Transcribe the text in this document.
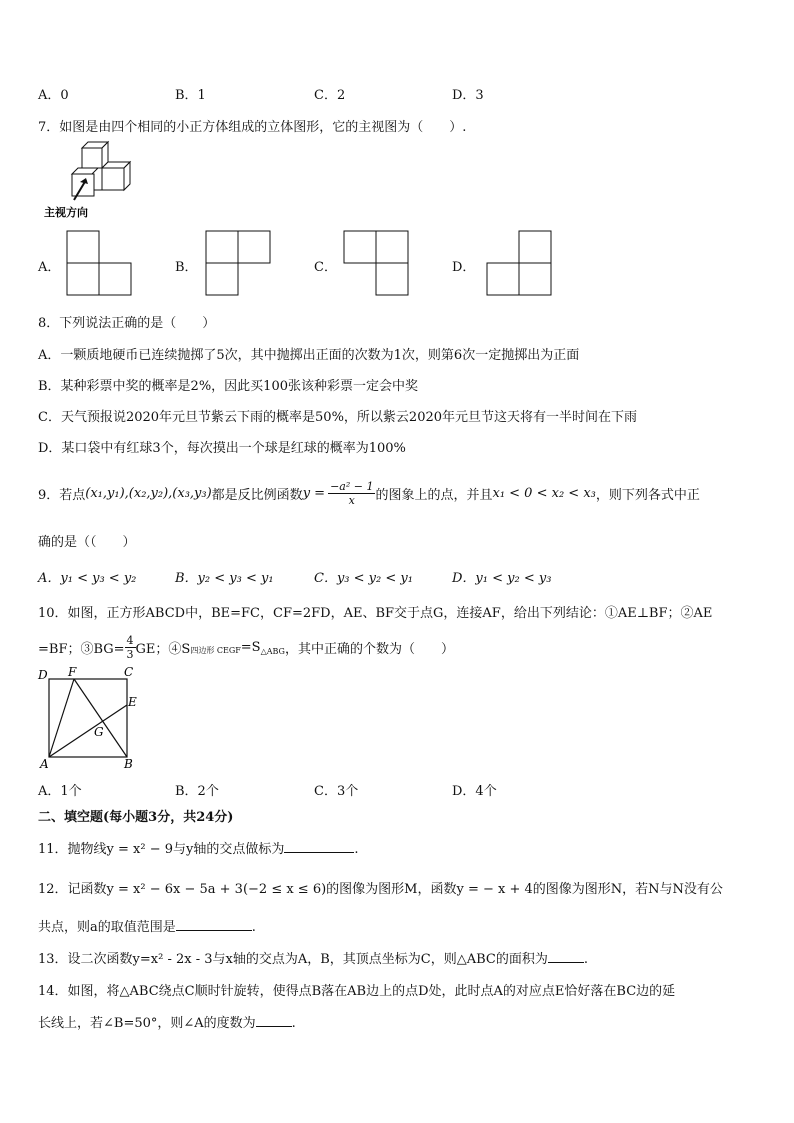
A．0	B．1	C．2	D．3
7．如图是由四个相同的小正方体组成的立体图形，它的主视图为（　　）.
主视方向
A．	B．	C．	D．
8．下列说法正确的是（　　）
A．一颗质地硬币已连续抛掷了5次，其中抛掷出正面的次数为1次，则第6次一定抛掷出为正面
B．某种彩票中奖的概率是2%，因此买100张该种彩票一定会中奖
C．天气预报说2020年元旦节紫云下雨的概率是50%，所以紫云2020年元旦节这天将有一半时间在下雨
D．某口袋中有红球3个，每次摸出一个球是红球的概率为100%
9．若点 (x₁,y₁),(x₂,y₂),(x₃,y₃) 都是反比例函数 $y = \frac{\text{−a² − 1}}{x}$ 的图象上的点，并且 x₁ < 0 < x₂ < x₃ ，则下列各式中正
确的是（（　　）
A．y₁ < y₃ < y₂	B．y₂ < y₃ < y₁	C．y₃ < y₂ < y₁	D．y₁ < y₂ < y₃
10．如图，正方形ABCD中，BE=FC，CF=2FD，AE、BF交于点G，连接AF，给出下列结论：①AE⊥BF；②AE
=BF；③BG= $\frac{4}{3}$ GE；④S 四边形 CEGF =S △ABG ，其中正确的个数为（　　）
D F	C
E
G
A	B
A．1个	B．2个	C．3个	D．4个
二、填空题(每小题3分，共24分)
11．抛物线y = x² − 9与y轴的交点做标为	.
12．记函数y = x² − 6x − 5a + 3(−2 ≤ x ≤ 6)的图像为图形M，函数y = − x + 4的图像为图形N，若N与N没有公
共点，则a的取值范围是	.
13．设二次函数y=x² - 2x - 3与x轴的交点为A，B，其顶点坐标为C，则△ABC的面积为	.
14．如图，将△ABC绕点C顺时针旋转，使得点B落在AB边上的点D处，此时点A的对应点E恰好落在BC边的延
长线上，若∠B=50°，则∠A的度数为	.
